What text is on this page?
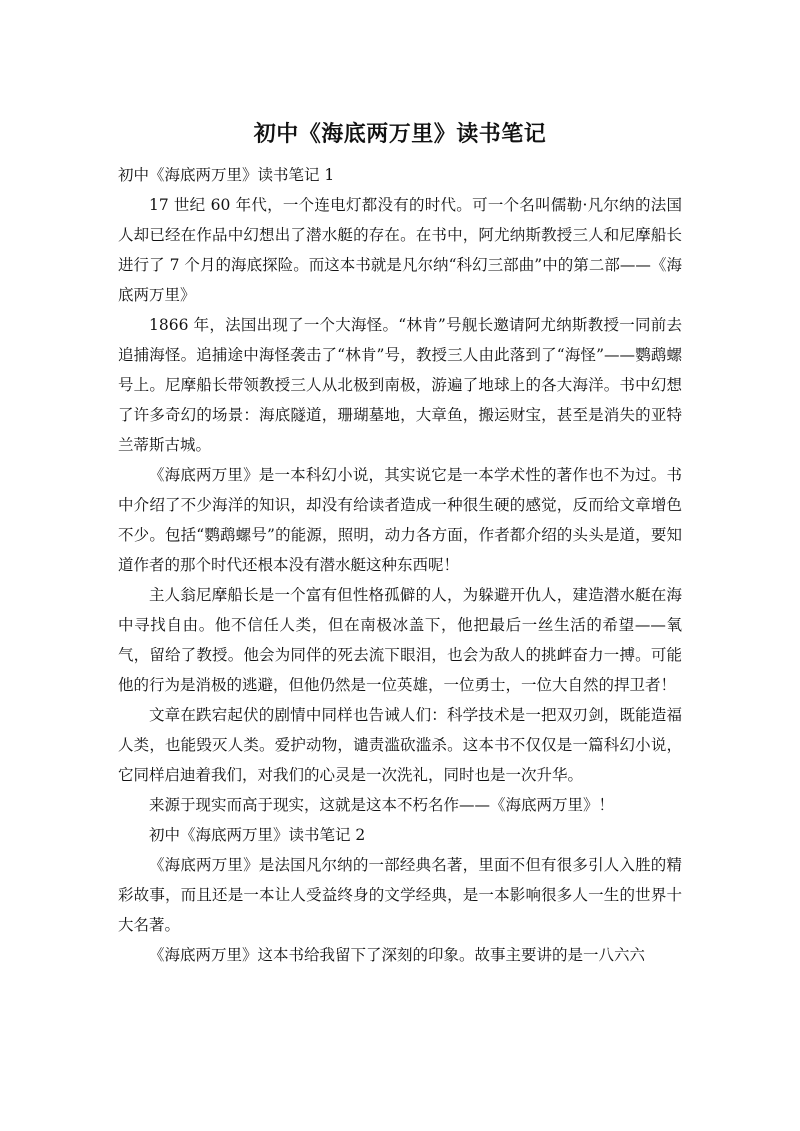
初中《海底两万里》读书笔记

初中《海底两万里》读书笔记 1

17 世纪 60 年代，一个连电灯都没有的时代。可一个名叫儒勒·凡尔纳的法国人却已经在作品中幻想出了潜水艇的存在。在书中，阿尤纳斯教授三人和尼摩船长进行了 7 个月的海底探险。而这本书就是凡尔纳“科幻三部曲”中的第二部——《海底两万里》

1866 年，法国出现了一个大海怪。“林肯”号舰长邀请阿尤纳斯教授一同前去追捕海怪。追捕途中海怪袭击了“林肯”号，教授三人由此落到了“海怪”——鹦鹉螺号上。尼摩船长带领教授三人从北极到南极，游遍了地球上的各大海洋。书中幻想了许多奇幻的场景：海底隧道，珊瑚墓地，大章鱼，搬运财宝，甚至是消失的亚特兰蒂斯古城。

《海底两万里》是一本科幻小说，其实说它是一本学术性的著作也不为过。书中介绍了不少海洋的知识，却没有给读者造成一种很生硬的感觉，反而给文章增色不少。包括“鹦鹉螺号”的能源，照明，动力各方面，作者都介绍的头头是道，要知道作者的那个时代还根本没有潜水艇这种东西呢！

主人翁尼摩船长是一个富有但性格孤僻的人，为躲避开仇人，建造潜水艇在海中寻找自由。他不信任人类，但在南极冰盖下，他把最后一丝生活的希望——氧气，留给了教授。他会为同伴的死去流下眼泪，也会为敌人的挑衅奋力一搏。可能他的行为是消极的逃避，但他仍然是一位英雄，一位勇士，一位大自然的捍卫者！

文章在跌宕起伏的剧情中同样也告诫人们：科学技术是一把双刃剑，既能造福人类，也能毁灭人类。爱护动物，谴责滥砍滥杀。这本书不仅仅是一篇科幻小说，它同样启迪着我们，对我们的心灵是一次洗礼，同时也是一次升华。

来源于现实而高于现实，这就是这本不朽名作——《海底两万里》！

初中《海底两万里》读书笔记 2

《海底两万里》是法国凡尔纳的一部经典名著，里面不但有很多引人入胜的精彩故事，而且还是一本让人受益终身的文学经典，是一本影响很多人一生的世界十大名著。

《海底两万里》这本书给我留下了深刻的印象。故事主要讲的是一八六六
